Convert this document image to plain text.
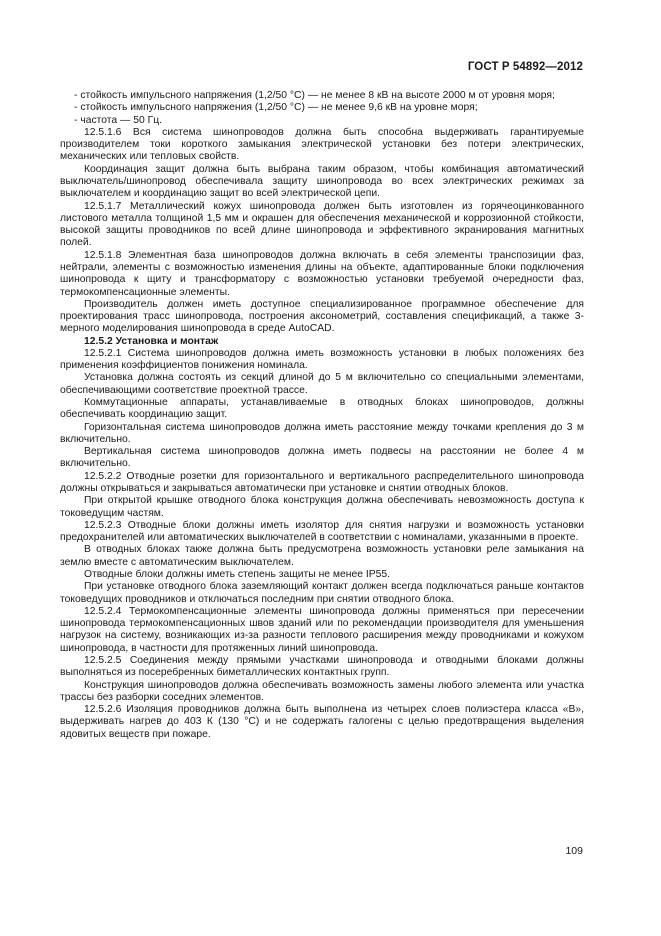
ГОСТ Р 54892—2012

- стойкость импульсного напряжения (1,2/50 °С) — не менее 8 кВ на высоте 2000 м от уровня моря;

- стойкость импульсного напряжения (1,2/50 °С) — не менее 9,6 кВ на уровне моря;

- частота — 50 Гц.

12.5.1.6 Вся система шинопроводов должна быть способна выдерживать гарантируемые производителем токи короткого замыкания электрической установки без потери электрических, механических или тепловых свойств.

Координация защит должна быть выбрана таким образом, чтобы комбинация автоматический выключатель/шинопровод обеспечивала защиту шинопровода во всех электрических режимах за выключателем и координацию защит во всей электрической цепи.

12.5.1.7 Металлический кожух шинопровода должен быть изготовлен из горячеоцинкованного листового металла толщиной 1,5 мм и окрашен для обеспечения механической и коррозионной стойкости, высокой защиты проводников по всей длине шинопровода и эффективного экранирования магнитных полей.

12.5.1.8 Элементная база шинопроводов должна включать в себя элементы транспозиции фаз, нейтрали, элементы с возможностью изменения длины на объекте, адаптированные блоки подключения шинопровода к щиту и трансформатору с возможностью установки требуемой очередности фаз, термокомпенсационные элементы.

Производитель должен иметь доступное специализированное программное обеспечение для проектирования трасс шинопровода, построения аксонометрий, составления спецификаций, а также 3-мерного моделирования шинопровода в среде AutoCAD.

12.5.2 Установка и монтаж

12.5.2.1 Система шинопроводов должна иметь возможность установки в любых положениях без применения коэффициентов понижения номинала.

Установка должна состоять из секций длиной до 5 м включительно со специальными элементами, обеспечивающими соответствие проектной трассе.

Коммутационные аппараты, устанавливаемые в отводных блоках шинопроводов, должны обеспечивать координацию защит.

Горизонтальная система шинопроводов должна иметь расстояние между точками крепления до 3 м включительно.

Вертикальная система шинопроводов должна иметь подвесы на расстоянии не более 4 м включительно.

12.5.2.2 Отводные розетки для горизонтального и вертикального распределительного шинопровода должны открываться и закрываться автоматически при установке и снятии отводных блоков.

При открытой крышке отводного блока конструкция должна обеспечивать невозможность доступа к токоведущим частям.

12.5.2.3 Отводные блоки должны иметь изолятор для снятия нагрузки и возможность установки предохранителей или автоматических выключателей в соответствии с номиналами, указанными в проекте.

В отводных блоках также должна быть предусмотрена возможность установки реле замыкания на землю вместе с автоматическим выключателем.

Отводные блоки должны иметь степень защиты не менее IP55.

При установке отводного блока заземляющий контакт должен всегда подключаться раньше контактов токоведущих проводников и отключаться последним при снятии отводного блока.

12.5.2.4 Термокомпенсационные элементы шинопровода должны применяться при пересечении шинопровода термокомпенсационных швов зданий или по рекомендации производителя для уменьшения нагрузок на систему, возникающих из-за разности теплового расширения между проводниками и кожухом шинопровода, в частности для протяженных линий шинопровода.

12.5.2.5 Соединения между прямыми участками шинопровода и отводными блоками должны выполняться из посеребренных биметаллических контактных групп.

Конструкция шинопроводов должна обеспечивать возможность замены любого элемента или участка трассы без разборки соседних элементов.

12.5.2.6 Изоляция проводников должна быть выполнена из четырех слоев полиэстера класса «В», выдерживать нагрев до 403 К (130 °С) и не содержать галогены с целью предотвращения выделения ядовитых веществ при пожаре.

109
